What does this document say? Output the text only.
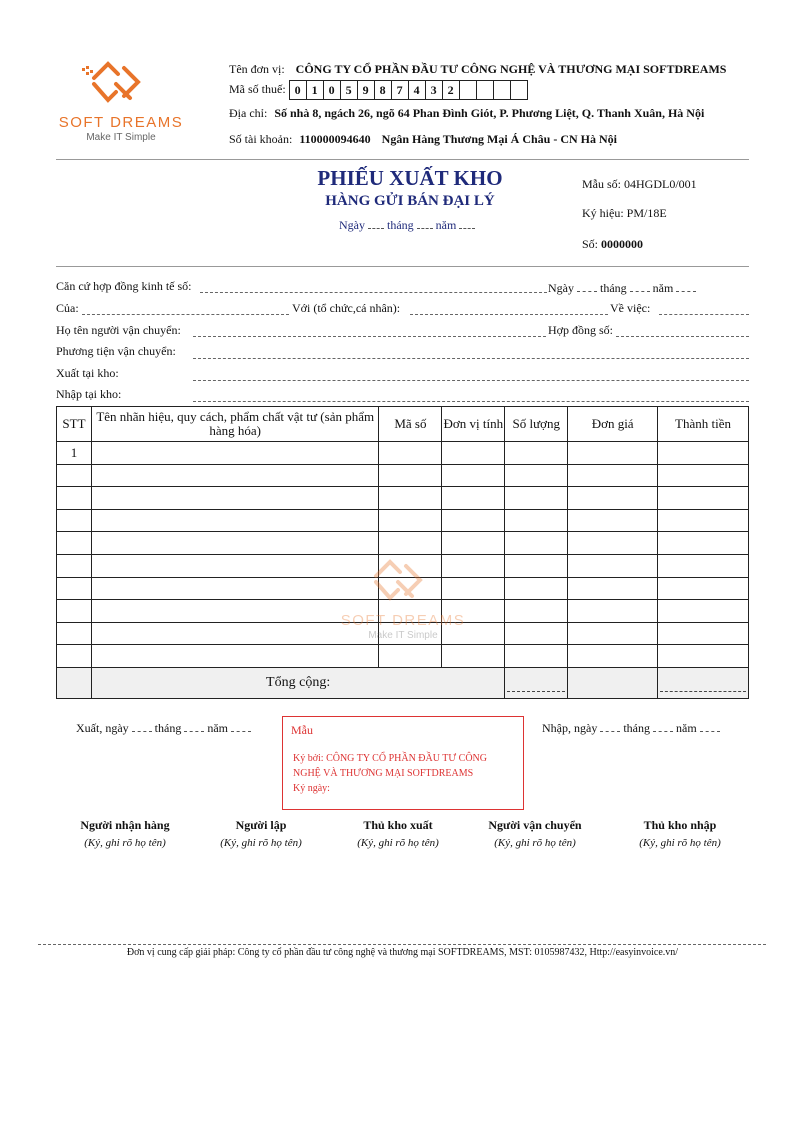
SOFT DREAMS
Make IT Simple
Tên đơn vị: CÔNG TY CỔ PHẦN ĐẦU TƯ CÔNG NGHỆ VÀ THƯƠNG MẠI SOFTDREAMS
Mã số thuế: 0 1 0 5 9 8 7 4 3 2
Địa chỉ: Số nhà 8, ngách 26, ngõ 64 Phan Đình Giót, P. Phương Liệt, Q. Thanh Xuân, Hà Nội
Số tài khoản: 110000094640 Ngân Hàng Thương Mại Á Châu - CN Hà Nội
PHIẾU XUẤT KHO
HÀNG GỬI BÁN ĐẠI LÝ
Ngày tháng năm
Mẫu số: 04HGDL0/001
Ký hiệu: PM/18E
Số: 0000000
Căn cứ hợp đồng kinh tế số:	Ngày tháng năm
Của:	Với (tổ chức,cá nhân):	Về việc:
Họ tên người vận chuyển:	Hợp đồng số:
Phương tiện vận chuyển:
Xuất tại kho:
Nhập tại kho:
STT	Tên nhãn hiệu, quy cách, phẩm chất vật tư (sản phẩm hàng hóa)	Mã số	Đơn vị tính	Số lượng	Đơn giá	Thành tiền
1						

	Tổng cộng:					
SOFT DREAMS
Make IT Simple
Xuất, ngày tháng năm	Nhập, ngày tháng năm
Mẫu
Ký bởi: CÔNG TY CỔ PHẦN ĐẦU TƯ CÔNG
NGHỆ VÀ THƯƠNG MẠI SOFTDREAMS
Ký ngày:
Người nhận hàng
(Ký, ghi rõ họ tên)
Người lập
(Ký, ghi rõ họ tên)
Thủ kho xuất
(Ký, ghi rõ họ tên)
Người vận chuyển
(Ký, ghi rõ họ tên)
Thủ kho nhập
(Ký, ghi rõ họ tên)
Đơn vị cung cấp giải pháp: Công ty cổ phần đầu tư công nghệ và thương mại SOFTDREAMS, MST: 0105987432, Http://easyinvoice.vn/
